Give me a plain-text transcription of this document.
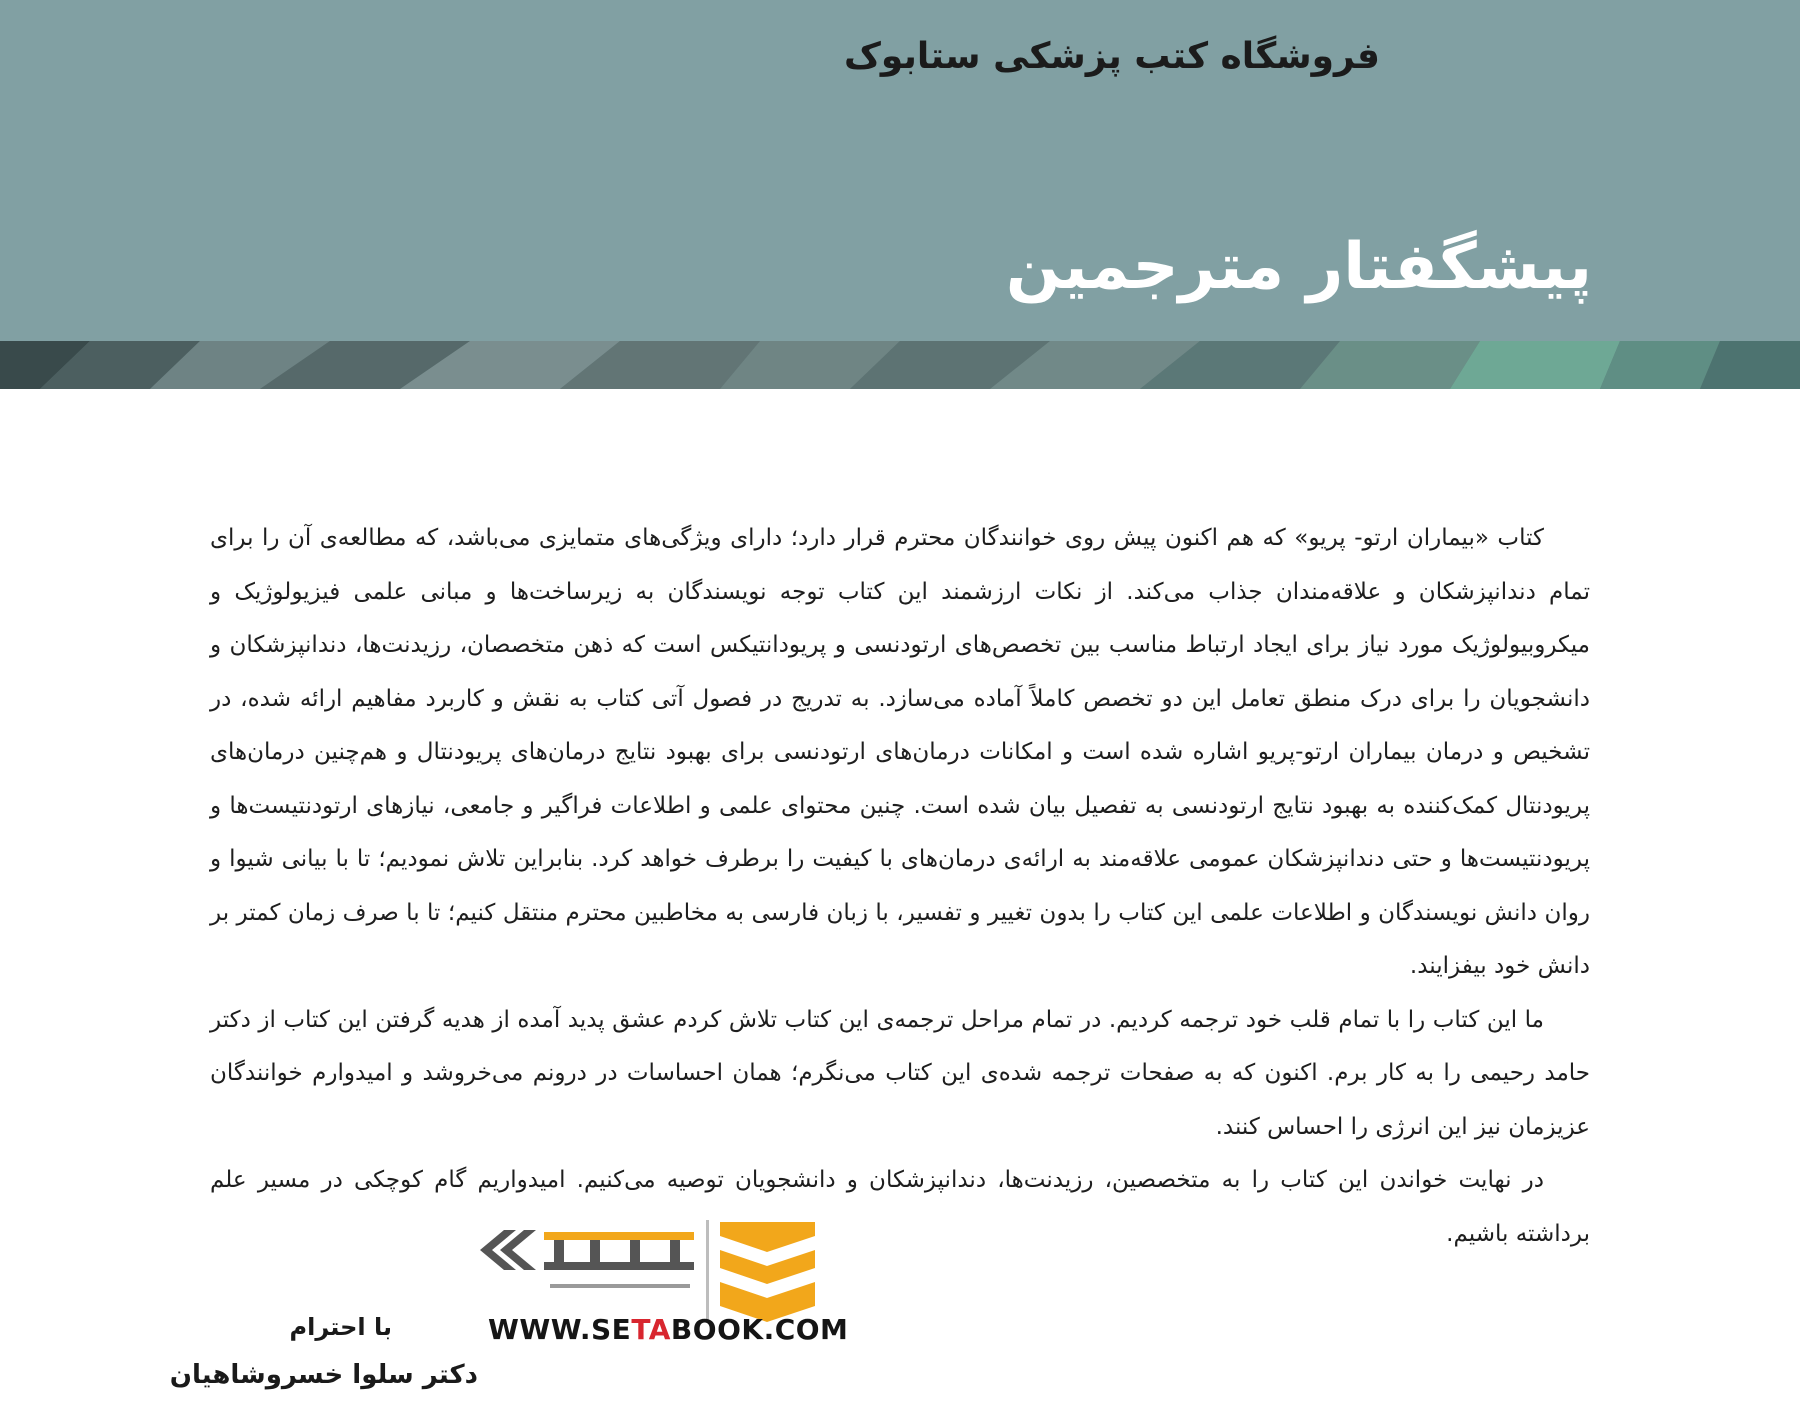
فروشگاه کتب پزشکی ستابوک
پیشگفتار مترجمین

کتاب «بیماران ارتو- پریو» که هم اکنون پیش روی خوانندگان محترم قرار دارد؛ دارای ویژگی‌های متمایزی می‌باشد، که مطالعه‌ی آن را برای تمام دندانپزشکان و علاقه‌مندان جذاب می‌کند. از نکات ارزشمند این کتاب توجه نویسندگان به زیرساخت‌ها و مبانی علمی فیزیولوژیک و میکروبیولوژیک مورد نیاز برای ایجاد ارتباط مناسب بین تخصص‌های ارتودنسی و پریودانتیکس است که ذهن متخصصان، رزیدنت‌ها، دندانپزشکان و دانشجویان را برای درک منطق تعامل این دو تخصص کاملاً آماده می‌سازد. به تدریج در فصول آتی کتاب به نقش و کاربرد مفاهیم ارائه شده، در تشخیص و درمان بیماران ارتو-پریو اشاره شده است و امکانات درمان‌های ارتودنسی برای بهبود نتایج درمان‌های پریودنتال و هم‌چنین درمان‌های پریودنتال کمک‌کننده به بهبود نتایج ارتودنسی به تفصیل بیان شده است. چنین محتوای علمی و اطلاعات فراگیر و جامعی، نیازهای ارتودنتیست‌ها و پریودنتیست‌ها و حتی دندانپزشکان عمومی علاقه‌مند به ارائه‌ی درمان‌های با کیفیت را برطرف خواهد کرد. بنابراین تلاش نمودیم؛ تا با بیانی شیوا و روان دانش نویسندگان و اطلاعات علمی این کتاب را بدون تغییر و تفسیر، با زبان فارسی به مخاطبین محترم منتقل کنیم؛ تا با صرف زمان کمتر بر دانش خود بیفزایند.

ما این کتاب را با تمام قلب خود ترجمه کردیم. در تمام مراحل ترجمه‌ی این کتاب تلاش کردم عشق پدید آمده از هدیه گرفتن این کتاب از دکتر حامد رحیمی را به کار برم. اکنون که به صفحات ترجمه شده‌ی این کتاب می‌نگرم؛ همان احساسات در درونم می‌خروشد و امیدوارم خوانندگان عزیزمان نیز این انرژی را احساس کنند.

در نهایت خواندن این کتاب را به متخصصین، رزیدنت‌ها، دندانپزشکان و دانشجویان توصیه می‌کنیم. امیدواریم گام کوچکی در مسیر علم برداشته باشیم.

WWW.SETABOOK.COM
با احترام
دکتر سلوا خسروشاهیان
